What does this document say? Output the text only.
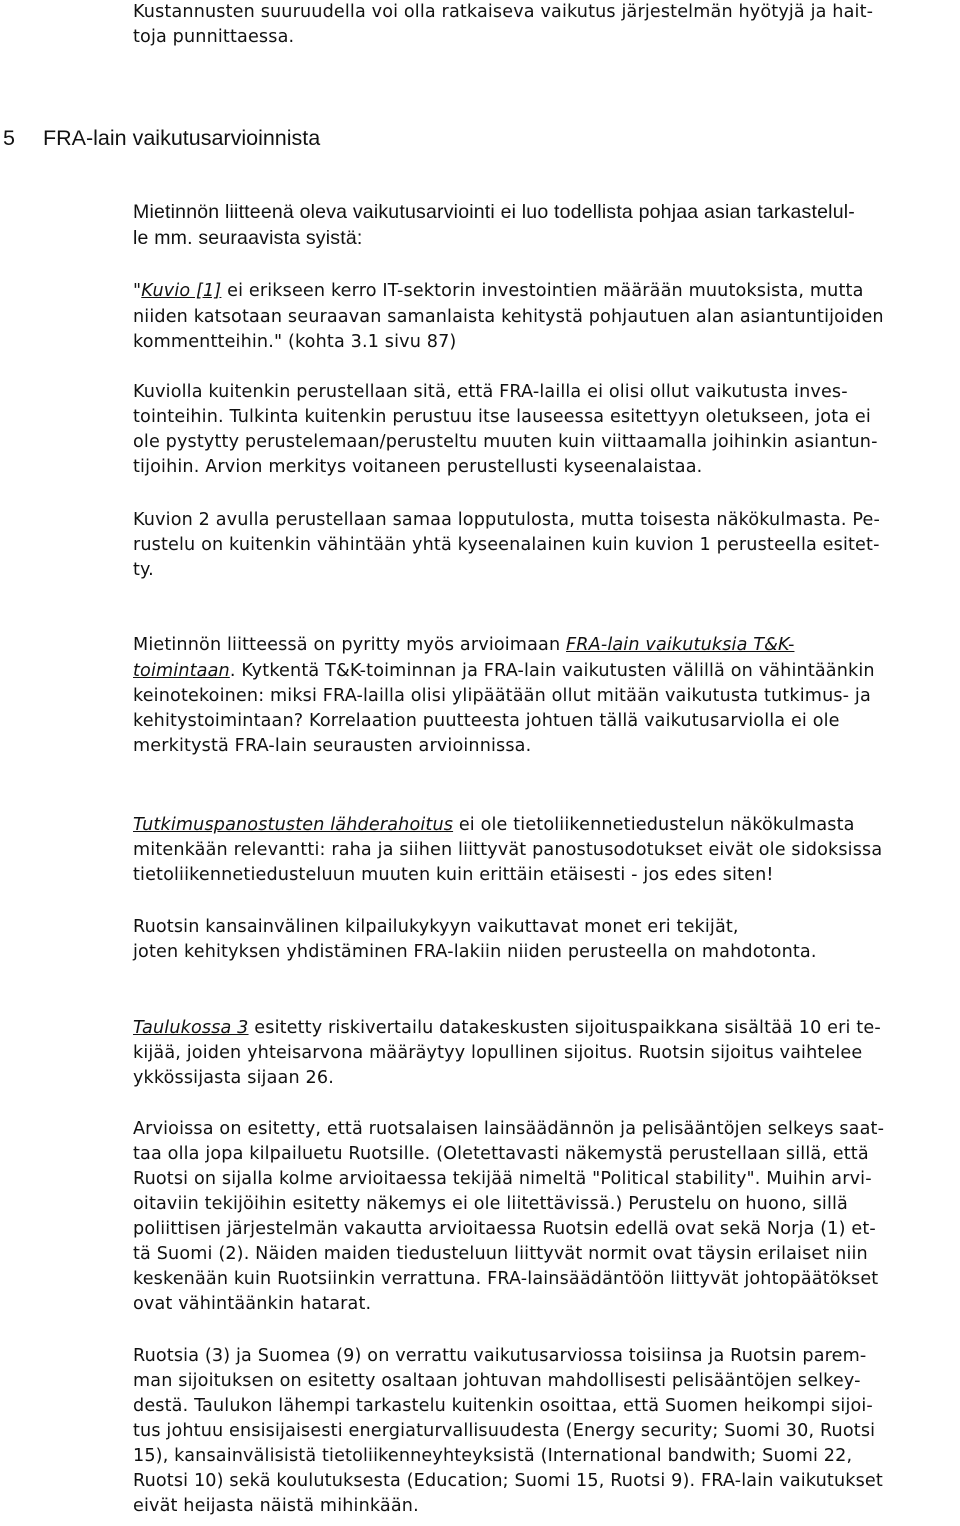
Kustannusten suuruudella voi olla ratkaiseva vaikutus järjestelmän hyötyjä ja hait-
toja punnittaessa.
5 FRA-lain vaikutusarvioinnista
Mietinnön liitteenä oleva vaikutusarviointi ei luo todellista pohjaa asian tarkastelul-
le mm. seuraavista syistä:
"Kuvio [1] ei erikseen kerro IT-sektorin investointien määrään muutoksista, mutta
niiden katsotaan seuraavan samanlaista kehitystä pohjautuen alan asiantuntijoiden
kommentteihin." (kohta 3.1 sivu 87)
Kuviolla kuitenkin perustellaan sitä, että FRA-lailla ei olisi ollut vaikutusta inves-
tointeihin. Tulkinta kuitenkin perustuu itse lauseessa esitettyyn oletukseen, jota ei
ole pystytty perustelemaan/perusteltu muuten kuin viittaamalla joihinkin asiantun-
tijoihin. Arvion merkitys voitaneen perustellusti kyseenalaistaa.
Kuvion 2 avulla perustellaan samaa lopputulosta, mutta toisesta näkökulmasta. Pe-
rustelu on kuitenkin vähintään yhtä kyseenalainen kuin kuvion 1 perusteella esitet-
ty.
Mietinnön liitteessä on pyritty myös arvioimaan FRA-lain vaikutuksia T&K-
toimintaan. Kytkentä T&K-toiminnan ja FRA-lain vaikutusten välillä on vähintäänkin
keinotekoinen: miksi FRA-lailla olisi ylipäätään ollut mitään vaikutusta tutkimus- ja
kehitystoimintaan? Korrelaation puutteesta johtuen tällä vaikutusarviolla ei ole
merkitystä FRA-lain seurausten arvioinnissa.
Tutkimuspanostusten lähderahoitus ei ole tietoliikennetiedustelun näkökulmasta
mitenkään relevantti: raha ja siihen liittyvät panostusodotukset eivät ole sidoksissa
tietoliikennetiedusteluun muuten kuin erittäin etäisesti - jos edes siten!
Ruotsin kansainvälinen kilpailukykyyn vaikuttavat monet eri tekijät,
joten kehityksen yhdistäminen FRA-lakiin niiden perusteella on mahdotonta.
Taulukossa 3 esitetty riskivertailu datakeskusten sijoituspaikkana sisältää 10 eri te-
kijää, joiden yhteisarvona määräytyy lopullinen sijoitus. Ruotsin sijoitus vaihtelee
ykkössijasta sijaan 26.
Arvioissa on esitetty, että ruotsalaisen lainsäädännön ja pelisääntöjen selkeys saat-
taa olla jopa kilpailuetu Ruotsille. (Oletettavasti näkemystä perustellaan sillä, että
Ruotsi on sijalla kolme arvioitaessa tekijää nimeltä "Political stability". Muihin arvi-
oitaviin tekijöihin esitetty näkemys ei ole liitettävissä.) Perustelu on huono, sillä
poliittisen järjestelmän vakautta arvioitaessa Ruotsin edellä ovat sekä Norja (1) et-
tä Suomi (2). Näiden maiden tiedusteluun liittyvät normit ovat täysin erilaiset niin
keskenään kuin Ruotsiinkin verrattuna. FRA-lainsäädäntöön liittyvät johtopäätökset
ovat vähintäänkin hatarat.
Ruotsia (3) ja Suomea (9) on verrattu vaikutusarviossa toisiinsa ja Ruotsin parem-
man sijoituksen on esitetty osaltaan johtuvan mahdollisesti pelisääntöjen selkey-
destä. Taulukon lähempi tarkastelu kuitenkin osoittaa, että Suomen heikompi sijoi-
tus johtuu ensisijaisesti energiaturvallisuudesta (Energy security; Suomi 30, Ruotsi
15), kansainvälisistä tietoliikenneyhteyksistä (International bandwith; Suomi 22,
Ruotsi 10) sekä koulutuksesta (Education; Suomi 15, Ruotsi 9). FRA-lain vaikutukset
eivät heijasta näistä mihinkään.
